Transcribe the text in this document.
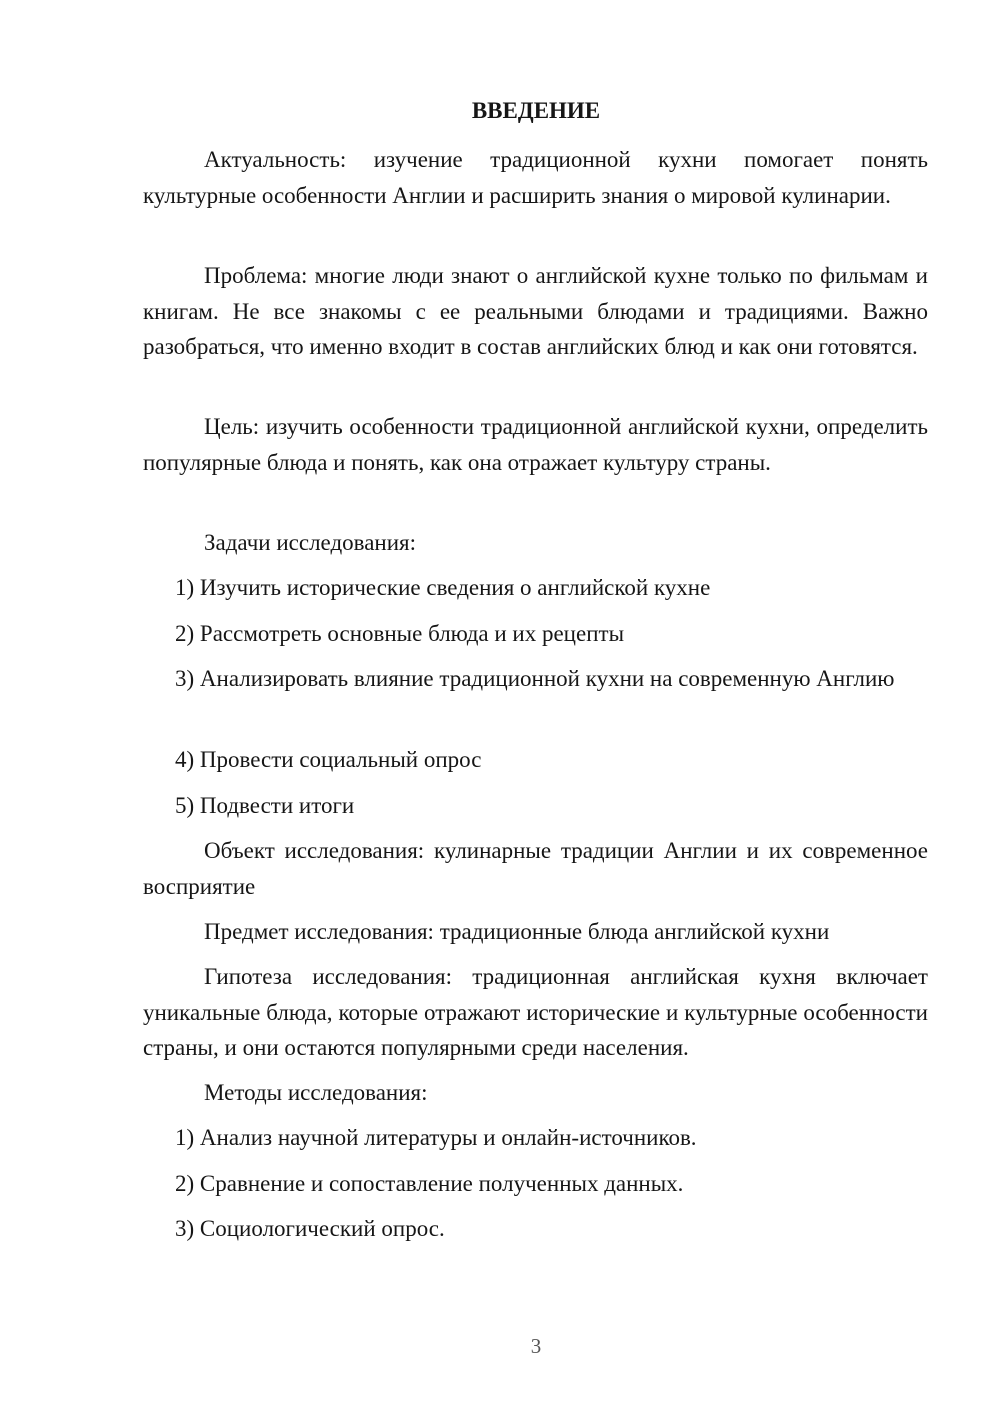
ВВЕДЕНИЕ

Актуальность: изучение традиционной кухни помогает понять культурные особенности Англии и расширить знания о мировой кулинарии.

Проблема: многие люди знают о английской кухне только по фильмам и книгам. Не все знакомы с ее реальными блюдами и традициями. Важно разобраться, что именно входит в состав английских блюд и как они готовятся.

Цель: изучить особенности традиционной английской кухни, определить популярные блюда и понять, как она отражает культуру страны.

Задачи исследования:

1) Изучить исторические сведения о английской кухне

2) Рассмотреть основные блюда и их рецепты

3) Анализировать влияние традиционной кухни на современную Англию

4) Провести социальный опрос

5) Подвести итоги

Объект исследования: кулинарные традиции Англии и их современное восприятие

Предмет исследования: традиционные блюда английской кухни

Гипотеза исследования: традиционная английская кухня включает уникальные блюда, которые отражают исторические и культурные особенности страны, и они остаются популярными среди населения.

Методы исследования:

1) Анализ научной литературы и онлайн-источников.

2) Сравнение и сопоставление полученных данных.

3) Социологический опрос.

3
